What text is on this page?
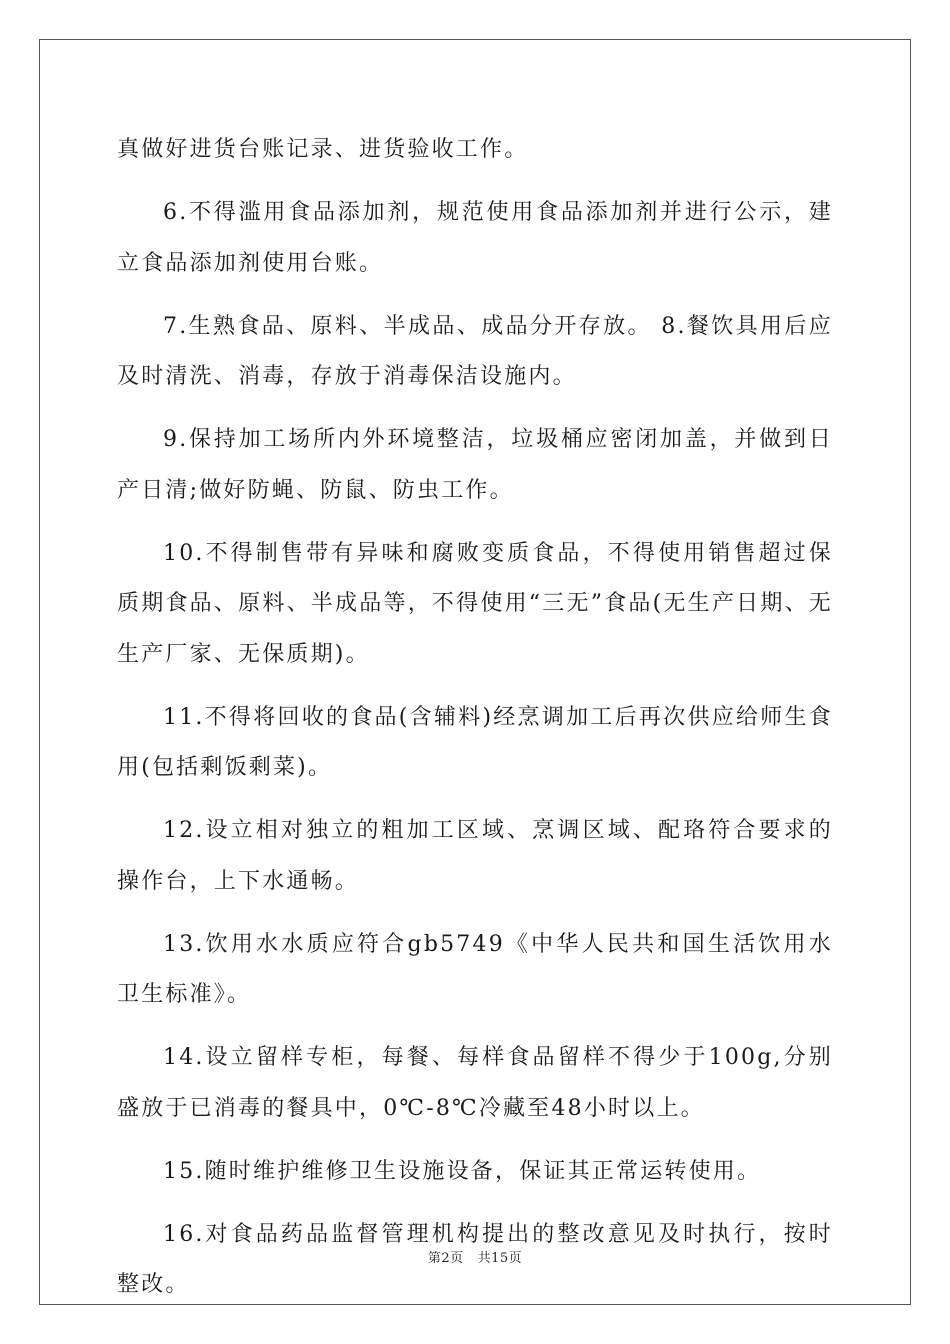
真做好进货台账记录、进货验收工作。

6.不得滥用食品添加剂，规范使用食品添加剂并进行公示，建立食品添加剂使用台账。

7.生熟食品、原料、半成品、成品分开存放。 8.餐饮具用后应及时清洗、消毒，存放于消毒保洁设施内。

9.保持加工场所内外环境整洁，垃圾桶应密闭加盖，并做到日产日清;做好防蝇、防鼠、防虫工作。

10.不得制售带有异味和腐败变质食品，不得使用销售超过保质期食品、原料、半成品等，不得使用“三无”食品(无生产日期、无生产厂家、无保质期)。

11.不得将回收的食品(含辅料)经烹调加工后再次供应给师生食用(包括剩饭剩菜)。

12.设立相对独立的粗加工区域、烹调区域、配珞符合要求的操作台，上下水通畅。

13.饮用水水质应符合gb5749《中华人民共和国生活饮用水卫生标准》。

14.设立留样专柜，每餐、每样食品留样不得少于100g,分别盛放于已消毒的餐具中，0℃-8℃冷藏至48小时以上。

15.随时维护维修卫生设施设备，保证其正常运转使用。

16.对食品药品监督管理机构提出的整改意见及时执行，按时整改。

第2页 共15页
